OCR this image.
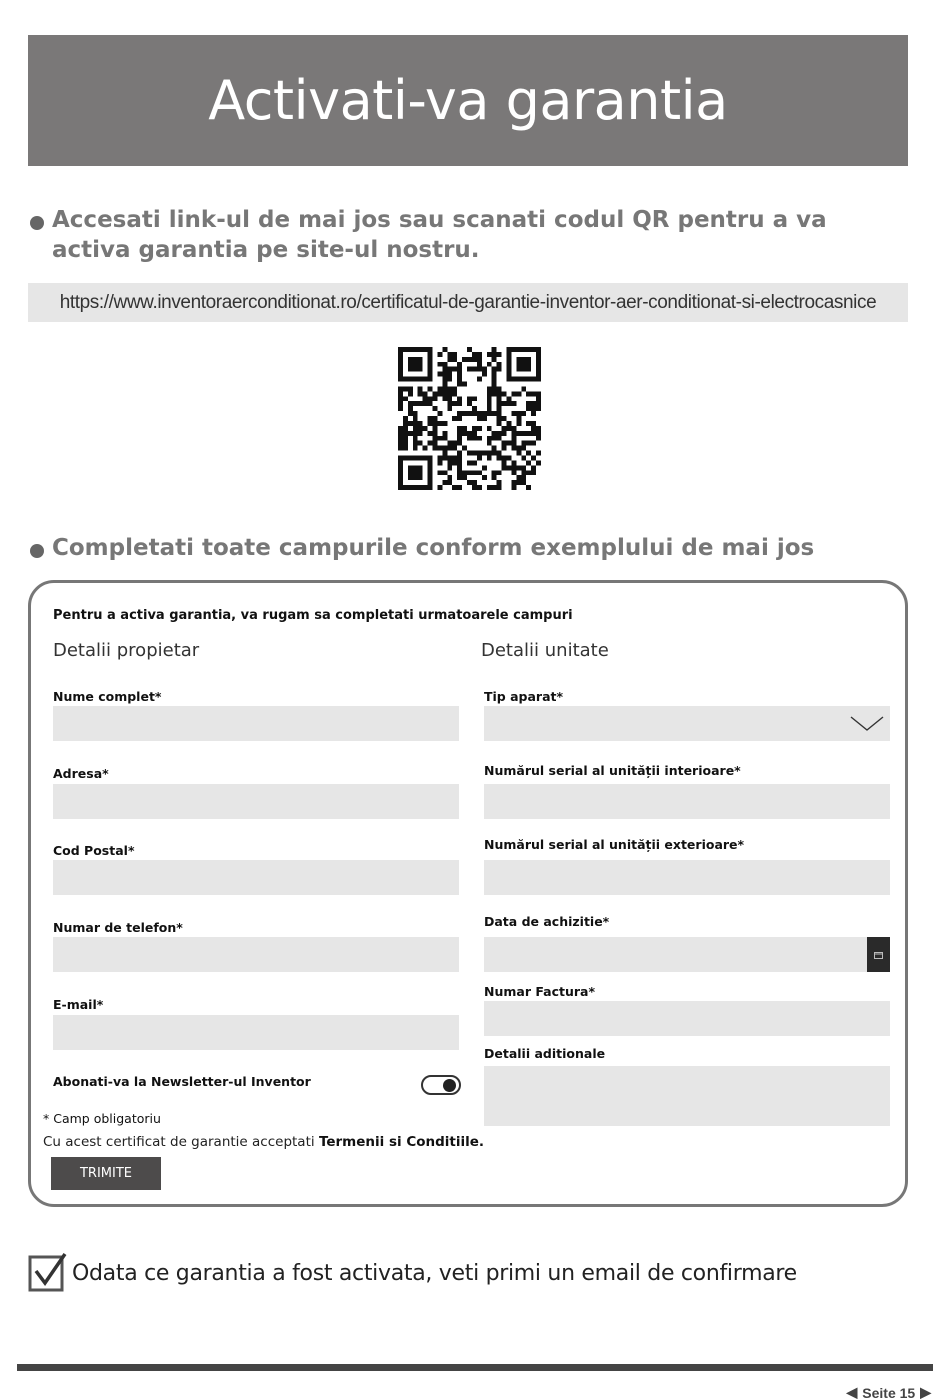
Activati-va garantia
Accesati link-ul de mai jos sau scanati codul QR pentru a va activa garantia pe site-ul nostru.
https://www.inventoraerconditionat.ro/certificatul-de-garantie-inventor-aer-conditionat-si-electrocasnice
Completati toate campurile conform exemplului de mai jos
Pentru a activa garantia, va rugam sa completati urmatoarele campuri
Detalii propietar	Detalii unitate
Nume complet*
Adresa*
Cod Postal*
Numar de telefon*
E-mail*
Abonati-va la Newsletter-ul Inventor
Tip aparat*
Numărul serial al unității interioare*
Numărul serial al unității exterioare*
Data de achizitie*
Numar Factura*
Detalii aditionale
* Camp obligatoriu
Cu acest certificat de garantie acceptati Termenii si Conditiile.
TRIMITE
Odata ce garantia a fost activata, veti primi un email de confirmare
◀ Seite 15 ▶
